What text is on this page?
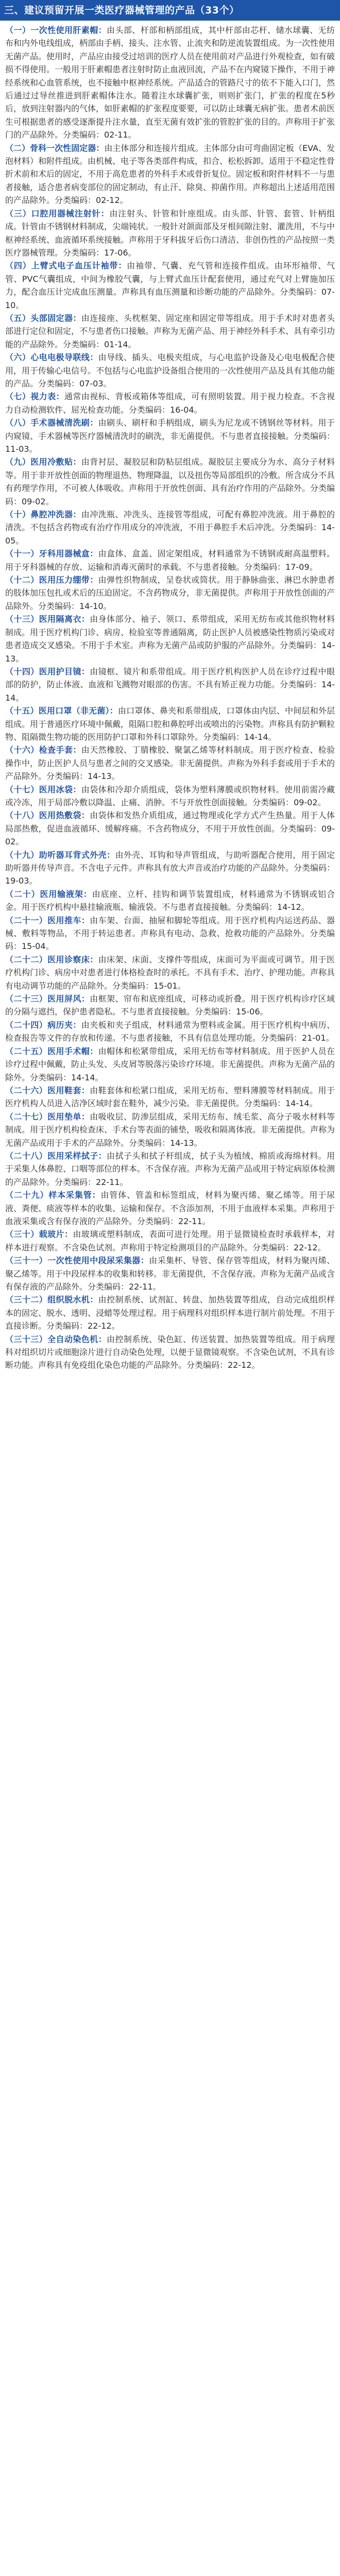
三、建议预留开展一类医疗器械管理的产品（33个）

（一）一次性使用肝素帽：由头部、杆部和柄部组成，其中杆部由芯杆、储水球囊、无纺布和内外电线组成，柄部由手柄、接头、注水管、止流夹和防逆流装置组成。为一次性使用无菌产品。使用时，产品应由接受过培训的医疗人员在使用前对产品进行外观检查，如有破损不得使用。一般用于肝素帽患者注射时防止血液回流，产品不在内窥镜下操作，不用于神经系统和心血管系统，也不接触中枢神经系统。产品适合的管路尺寸的依不下能入口门，然后通过过导丝推进到肝素帽体注水。随着注水球囊扩张，则则扩张门，扩张的程度在5秒后，放到注射器内的气体，如肝素帽的扩张程度要要，可以防止球囊无病扩张。患者术前医生可根据患者的感受逐渐提升注水量，直至无菌有效扩张的管腔扩张的目的。声称用于扩张门的产品除外。分类编码：02-11。

（二）骨科一次性固定器：由主体部分和连接片组成。主体部分由可弯曲固定板（EVA、发泡材料）和附件组成。由机械、电子等各类部件构成，扣合、松松拆卸。适用于不稳定性骨折术前和术后的固定，不用于高危患者的外科手术或骨折复位。固定板和附件材料不一与患者接触，适合患者病变部位的固定制动，有止汗、除臭、抑菌作用。声称超出上述适用范围的产品除外。分类编码：02-12。

（三）口腔用器械注射针：由注射头、针管和针座组成。由头部、针管、套管、针柄组成。针管由不锈钢材料制成，尖端钝状。一般针对颌面部及牙根间隙注射、灌洗用，不与中枢神经系统、血液循环系统接触。声称用于牙科拔牙后伤口清洁、非创伤性的产品按照一类医疗器械管理。分类编码：17-06。

（四）上臂式电子血压计袖带：由袖带、气囊、充气管和连接件组成。由环形袖带、气管、PVC气囊组成，中间为橡胶气囊，与上臂式血压计配套使用，通过充气对上臂施加压力，配合血压计完成血压测量。声称具有血压测量和诊断功能的产品除外。分类编码：07-10。

（五）头部固定器：由连接座、头枕框架、固定座和固定带等组成。用于手术时对患者头部进行定位和固定，不与患者伤口接触。声称为无菌产品、用于神经外科手术、具有牵引功能的产品除外。分类编码：01-14。

（六）心电电极导联线：由导线、插头、电极夹组成，与心电监护设备及心电电极配合使用，用于传输心电信号。不包括与心电监护设备组合使用的一次性使用产品及具有其他功能的产品。分类编码：07-03。

（七）视力表：通常由视标、背板或箱体等组成，可有照明装置。用于视力检查。不含视力自动检测软件、屈光检查功能。分类编码：16-04。

（八）手术器械清洗刷：由刷头、刷杆和手柄组成，刷头为尼龙或不锈钢丝等材料。用于内窥镜、手术器械等医疗器械清洗时的刷洗，非无菌提供。不与患者直接接触。分类编码：11-03。

（九）医用冷敷贴：由背衬层、凝胶层和防粘层组成。凝胶层主要成分为水、高分子材料等。用于非开放性创面的物理退热、物理降温，以及扭伤等局部组织的冷敷。所含成分不具有药理学作用，不可被人体吸收。声称用于开放性创面、具有治疗作用的产品除外。分类编码：09-02。

（十）鼻腔冲洗器：由冲洗瓶、冲洗头、连接管等组成，可配有鼻腔冲洗液。用于鼻腔的清洗。不包括含药物或有治疗作用成分的冲洗液，不用于鼻腔手术后冲洗。分类编码：14-05。

（十一）牙科用器械盒：由盒体、盒盖、固定架组成，材料通常为不锈钢或耐高温塑料。用于牙科器械的存放、运输和消毒灭菌时的承载。不与患者接触。分类编码：17-09。

（十二）医用压力绷带：由弹性织物制成，呈卷状或筒状。用于静脉曲张、淋巴水肿患者的肢体加压包扎或术后的压迫固定。不含药物成分，非无菌提供。声称用于开放性创面的产品除外。分类编码：14-10。

（十三）医用隔离衣：由身体部分、袖子、领口、系带组成，采用无纺布或其他织物材料制成。用于医疗机构门诊、病房、检验室等普通隔离，防止医护人员被感染性物质污染或对患者造成交叉感染。不用于手术室。声称为无菌产品或防护服的产品除外。分类编码：14-13。

（十四）医用护目镜：由镜框、镜片和系带组成。用于医疗机构医护人员在诊疗过程中眼部的防护，防止体液、血液和飞溅物对眼部的伤害。不具有矫正视力功能。分类编码：14-14。

（十五）医用口罩（非无菌）：由口罩体、鼻夹和系带组成，口罩体由内层、中间层和外层组成。用于普通医疗环境中佩戴，阻隔口腔和鼻腔呼出或喷出的污染物。声称具有防护颗粒物、阻隔微生物功能的医用防护口罩和外科口罩除外。分类编码：14-14。

（十六）检查手套：由天然橡胶、丁腈橡胶、聚氯乙烯等材料制成。用于医疗检查、检验操作中，防止医护人员与患者之间的交叉感染。非无菌提供。声称为外科手套或用于手术的产品除外。分类编码：14-13。

（十七）医用冰袋：由袋体和冷却介质组成，袋体为塑料薄膜或织物材料。使用前需冷藏或冷冻，用于局部冷敷以降温、止痛、消肿。不与开放性创面接触。分类编码：09-02。

（十八）医用热敷袋：由袋体和发热介质组成，通过物理或化学方式产生热量。用于人体局部热敷，促进血液循环、缓解疼痛。不含药物成分，不用于开放性创面。分类编码：09-02。

（十九）助听器耳背式外壳：由外壳、耳钩和导声管组成，与助听器配合使用，用于固定助听器并传导声音。不含电子元件。声称具有放大声音或治疗功能的产品除外。分类编码：19-03。

（二十）医用输液架：由底座、立杆、挂钩和调节装置组成，材料通常为不锈钢或铝合金。用于医疗机构中悬挂输液瓶、输液袋。不与患者直接接触。分类编码：14-12。

（二十一）医用推车：由车架、台面、抽屉和脚轮等组成。用于医疗机构内运送药品、器械、敷料等物品，不用于转运患者。声称具有电动、急救、抢救功能的产品除外。分类编码：15-04。

（二十二）医用诊察床：由床架、床面、支撑件等组成，床面可为平面或可调节。用于医疗机构门诊、病房中对患者进行体格检查时的承托。不具有手术、治疗、护理功能。声称具有电动调节功能的产品除外。分类编码：15-01。

（二十三）医用屏风：由框架、帘布和底座组成，可移动或折叠。用于医疗机构诊疗区域的分隔与遮挡，保护患者隐私。不与患者直接接触。分类编码：15-06。

（二十四）病历夹：由夹板和夹子组成，材料通常为塑料或金属。用于医疗机构中病历、检查报告等文件的存放和传递。不与患者接触，不具有信息处理功能。分类编码：21-01。

（二十五）医用手术帽：由帽体和松紧带组成，采用无纺布等材料制成。用于医护人员在诊疗过程中佩戴，防止头发、头皮屑等脱落污染诊疗环境。非无菌提供。声称为无菌产品的除外。分类编码：14-14。

（二十六）医用鞋套：由鞋套体和松紧口组成，采用无纺布、塑料薄膜等材料制成。用于医疗机构人员进入洁净区域时套在鞋外，减少污染。非无菌提供。分类编码：14-14。

（二十七）医用垫单：由吸收层、防渗层组成，采用无纺布、绒毛浆、高分子吸水材料等制成。用于医疗机构检查床、手术台等表面的铺垫，吸收和隔离体液。非无菌提供。声称为无菌产品或用于手术的产品除外。分类编码：14-13。

（二十八）医用采样拭子：由拭子头和拭子杆组成，拭子头为植绒、棉质或海绵材料。用于采集人体鼻腔、口咽等部位的样本。不含保存液。声称为无菌产品或用于特定病原体检测的产品除外。分类编码：22-11。

（二十九）样本采集管：由管体、管盖和标签组成，材料为聚丙烯、聚乙烯等。用于尿液、粪便、痰液等样本的收集、运输和保存。不含添加剂，不用于血液样本采集。声称用于血液采集或含有保存液的产品除外。分类编码：22-11。

（三十）载玻片：由玻璃或塑料制成，表面可进行处理。用于显微镜检查时承载样本，对样本进行观察。不含染色试剂。声称用于特定检测项目的产品除外。分类编码：22-12。

（三十一）一次性使用中段尿采集器：由采集杯、导管、保存管等组成，材料为聚丙烯、聚乙烯等。用于中段尿样本的收集和转移。非无菌提供，不含保存液。声称为无菌产品或含有保存液的产品除外。分类编码：22-11。

（三十二）组织脱水机：由控制系统、试剂缸、转盘、加热装置等组成，自动完成组织样本的固定、脱水、透明、浸蜡等处理过程。用于病理科对组织样本进行制片前处理。不用于直接诊断。分类编码：22-12。

（三十三）全自动染色机：由控制系统、染色缸、传送装置、加热装置等组成。用于病理科对组织切片或细胞涂片进行自动染色处理，以便于显微镜观察。不含染色试剂，不具有诊断功能。声称具有免疫组化染色功能的产品除外。分类编码：22-12。
